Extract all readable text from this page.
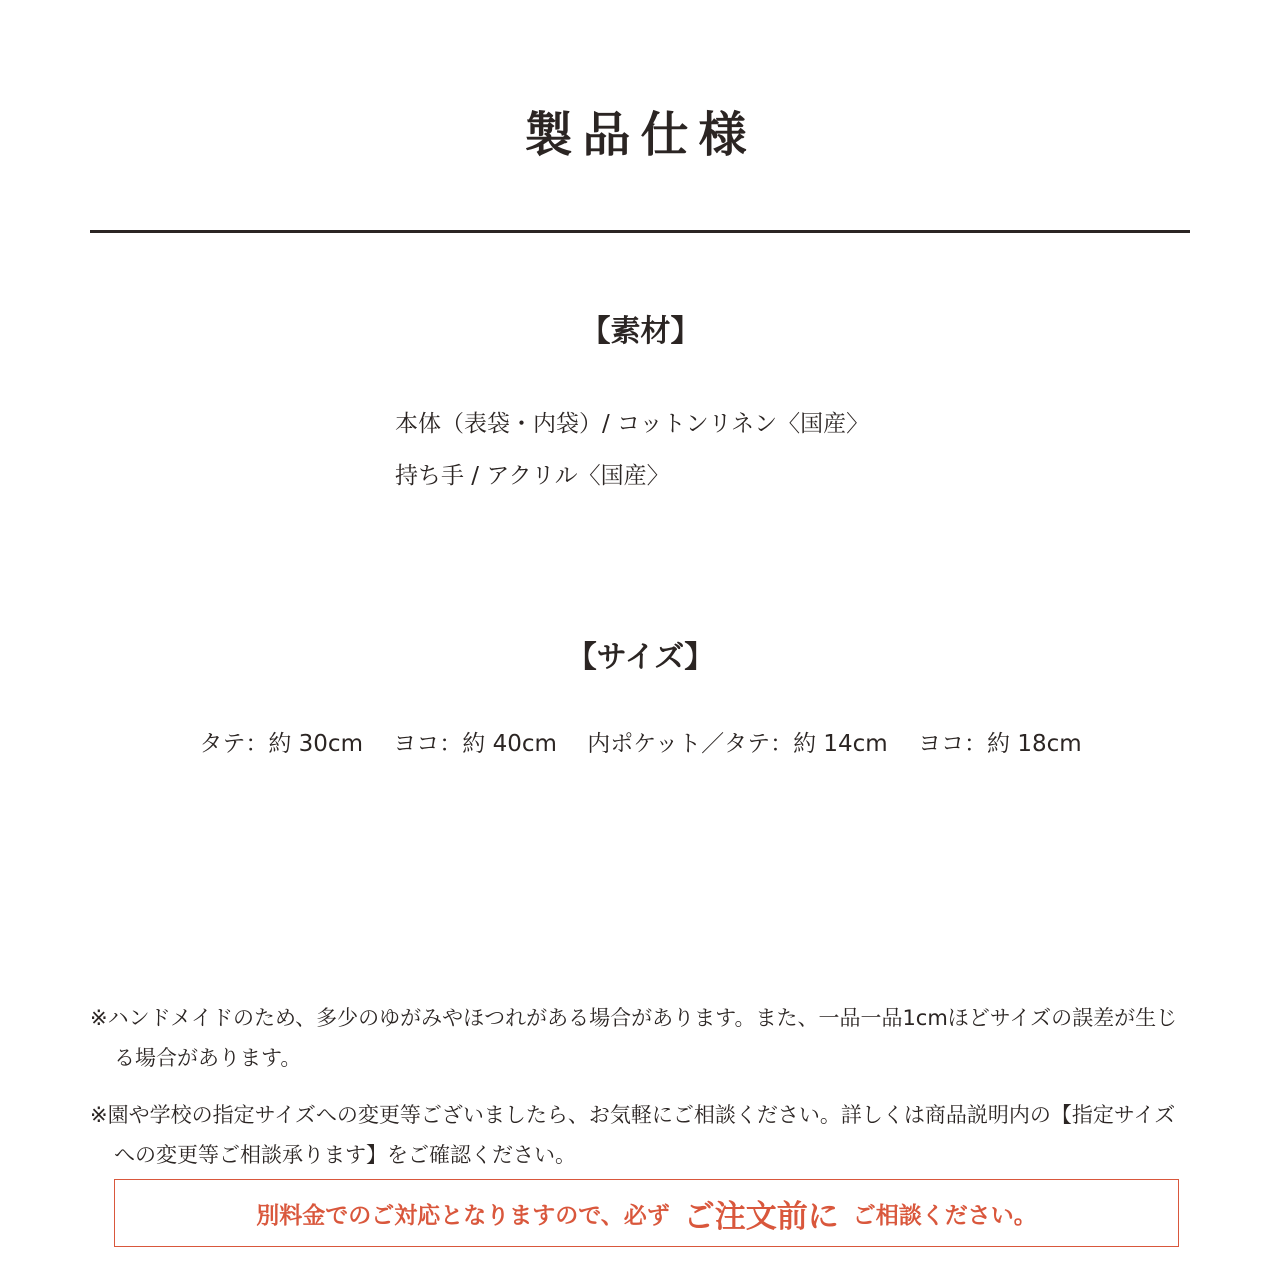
製品仕様
【素材】
本体（表袋・内袋）/ コットンリネン〈国産〉
持ち手 / アクリル〈国産〉
【サイズ】
タテ：約 30cm　 ヨコ：約 40cm　 内ポケット／タテ：約 14cm　 ヨコ：約 18cm
※ハンドメイドのため、多少のゆがみやほつれがある場合があります。また、一品一品1cmほどサイズの誤差が生じる場合があります。
※園や学校の指定サイズへの変更等ございましたら、お気軽にご相談ください。詳しくは商品説明内の【指定サイズへの変更等ご相談承ります】をご確認ください。
別料金でのご対応となりますので、必ず ご注文前に ご相談ください。
